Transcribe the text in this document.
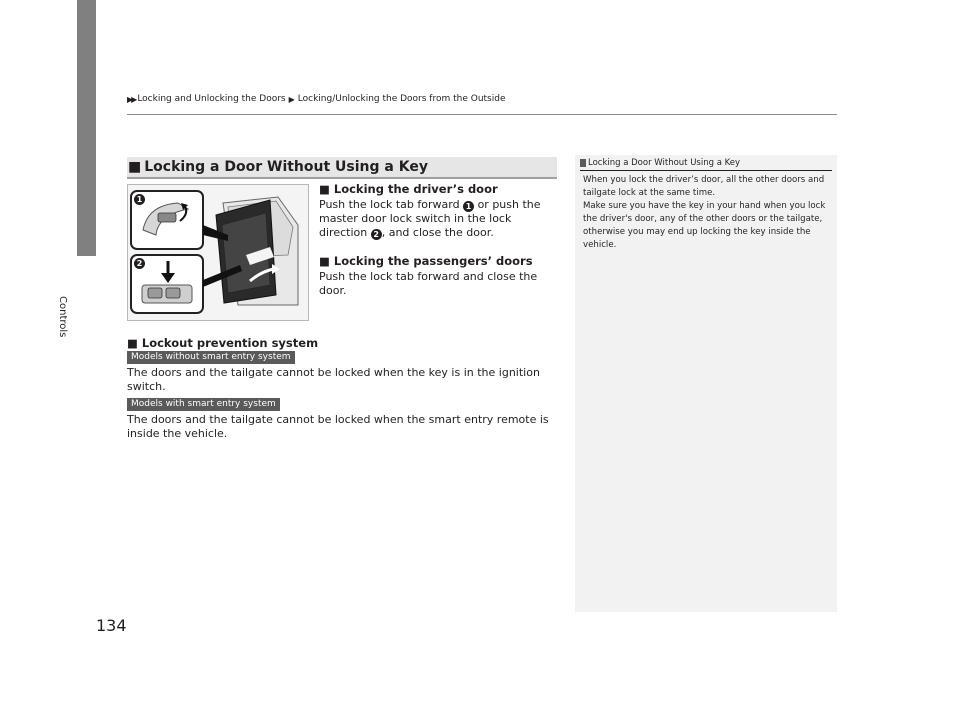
Controls
▶▶ Locking and Unlocking the Doors ▶ Locking/Unlocking the Doors from the Outside
■ Locking a Door Without Using a Key
1
2
■ Locking the driver’s door
Push the lock tab forward 1 or push the master door lock switch in the lock direction 2 , and close the door.
■ Locking the passengers’ doors
Push the lock tab forward and close the door.
■ Lockout prevention system
Models without smart entry system
The doors and the tailgate cannot be locked when the key is in the ignition switch.
Models with smart entry system
The doors and the tailgate cannot be locked when the smart entry remote is inside the vehicle.
Locking a Door Without Using a Key
When you lock the driver’s door, all the other doors and tailgate lock at the same time.
Make sure you have the key in your hand when you lock the driver's door, any of the other doors or the tailgate, otherwise you may end up locking the key inside the vehicle.
134
